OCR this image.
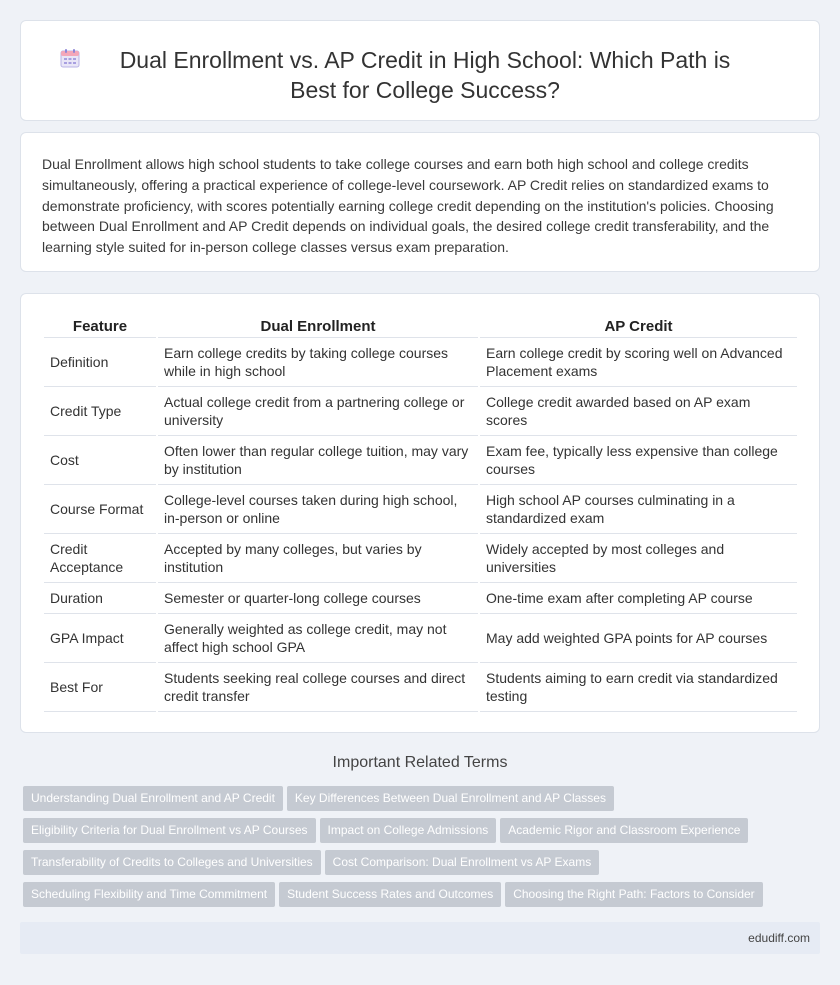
Dual Enrollment vs. AP Credit in High School: Which Path is Best for College Success?

Dual Enrollment allows high school students to take college courses and earn both high school and college credits simultaneously, offering a practical experience of college-level coursework. AP Credit relies on standardized exams to demonstrate proficiency, with scores potentially earning college credit depending on the institution's policies. Choosing between Dual Enrollment and AP Credit depends on individual goals, the desired college credit transferability, and the learning style suited for in-person college classes versus exam preparation.

Feature	Dual Enrollment	AP Credit
Definition	Earn college credits by taking college courses while in high school	Earn college credit by scoring well on Advanced Placement exams
Credit Type	Actual college credit from a partnering college or university	College credit awarded based on AP exam scores
Cost	Often lower than regular college tuition, may vary by institution	Exam fee, typically less expensive than college courses
Course Format	College-level courses taken during high school, in-person or online	High school AP courses culminating in a standardized exam
Credit Acceptance	Accepted by many colleges, but varies by institution	Widely accepted by most colleges and universities
Duration	Semester or quarter-long college courses	One-time exam after completing AP course
GPA Impact	Generally weighted as college credit, may not affect high school GPA	May add weighted GPA points for AP courses
Best For	Students seeking real college courses and direct credit transfer	Students aiming to earn credit via standardized testing
Important Related Terms
Understanding Dual Enrollment and AP Credit Key Differences Between Dual Enrollment and AP Classes
Eligibility Criteria for Dual Enrollment vs AP Courses Impact on College Admissions Academic Rigor and Classroom Experience
Transferability of Credits to Colleges and Universities Cost Comparison: Dual Enrollment vs AP Exams
Scheduling Flexibility and Time Commitment Student Success Rates and Outcomes Choosing the Right Path: Factors to Consider
edudiff.com
